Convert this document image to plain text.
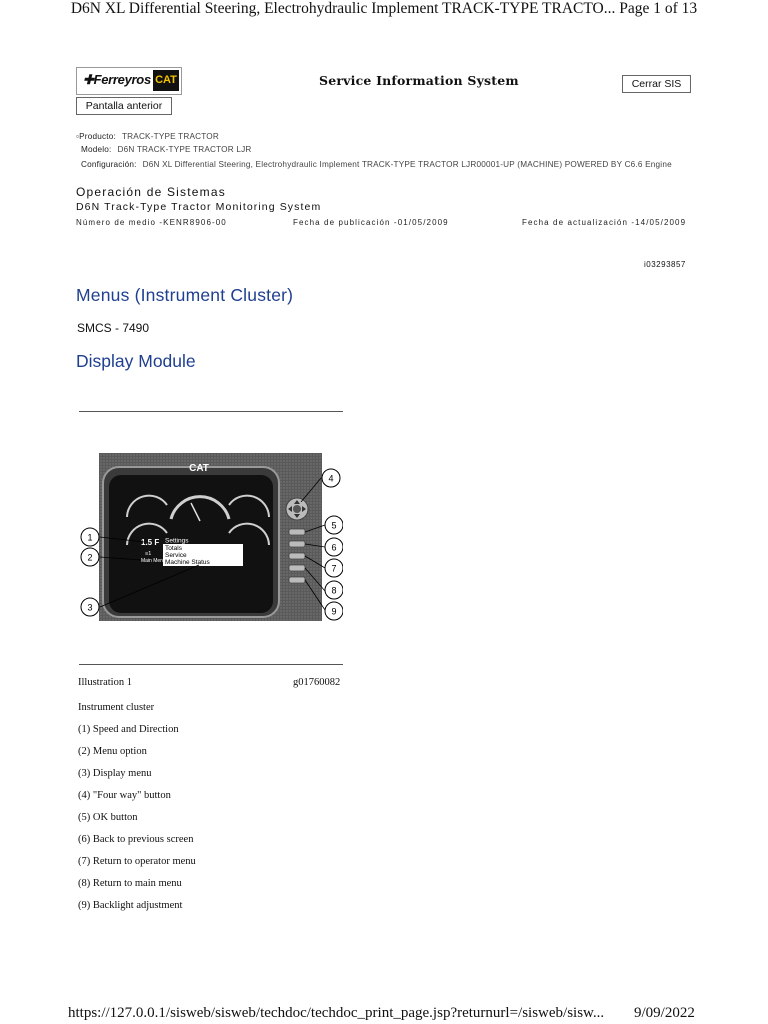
D6N XL Differential Steering, Electrohydraulic Implement TRACK-TYPE TRACTO... Page 1 of 13
✚Ferreyros CAT	Service Information System	Cerrar SIS
Pantalla anterior
▫Producto: TRACK-TYPE TRACTOR
Modelo: D6N TRACK-TYPE TRACTOR LJR
Configuración: D6N XL Differential Steering, Electrohydraulic Implement TRACK-TYPE TRACTOR LJR00001-UP (MACHINE) POWERED BY C6.6 Engine
Operación de Sistemas
D6N Track-Type Tractor Monitoring System
Número de medio -KENR8906-00	Fecha de publicación -01/05/2009	Fecha de actualización -14/05/2009
i03293857
Menus (Instrument Cluster)
SMCS - 7490
Display Module
CAT
Settings
Totals
Service
Machine Status
1.5 F
≡1
Main Menu
1
2
3
4
5
6
7
8
9
Illustration 1	g01760082
Instrument cluster
(1) Speed and Direction
(2) Menu option
(3) Display menu
(4) "Four way" button
(5) OK button
(6) Back to previous screen
(7) Return to operator menu
(8) Return to main menu
(9) Backlight adjustment
https://127.0.0.1/sisweb/sisweb/techdoc/techdoc_print_page.jsp?returnurl=/sisweb/sisw... 9/09/2022
